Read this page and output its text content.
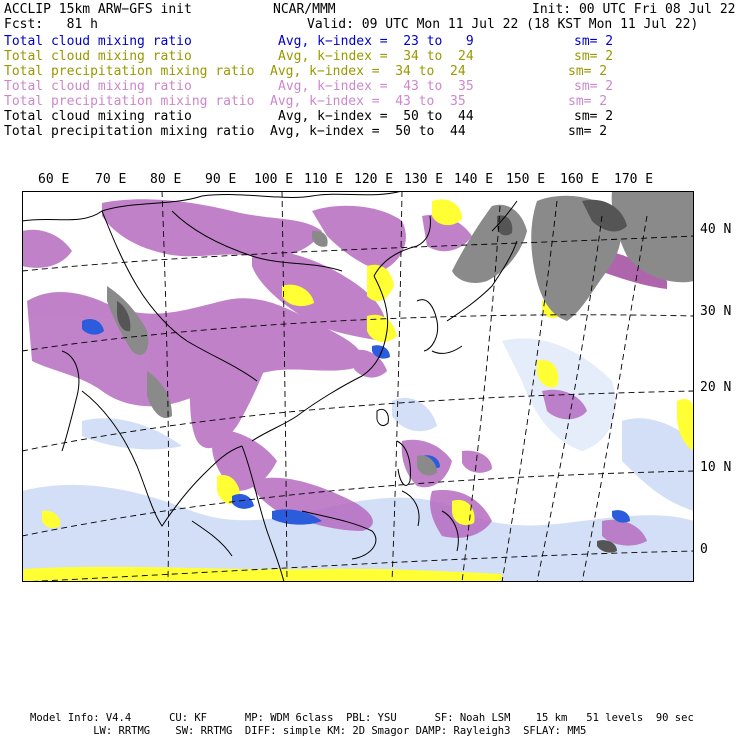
ACCLIP 15km ARW−GFS init	NCAR/MMM	Init: 00 UTC Fri 08 Jul 22
Fcst:   81 h	Valid: 09 UTC Mon 11 Jul 22 (18 KST Mon 11 Jul 22)
Total cloud mixing ratio	Avg, k−index =  23 to   9	sm= 2
Total cloud mixing ratio	Avg, k−index =  34 to  24	sm= 2
Total precipitation mixing ratio Avg, k−index =  34 to  24	sm= 2
Total cloud mixing ratio	Avg, k−index =  43 to  35	sm= 2
Total precipitation mixing ratio Avg, k−index =  43 to  35	sm= 2
Total cloud mixing ratio	Avg, k−index =  50 to  44	sm= 2
Total precipitation mixing ratio Avg, k−index =  50 to  44	sm= 2
60 E 70 E 80 E 90 E 100 E 110 E 120 E 130 E 140 E 150 E 160 E 170 E
40 N
30 N
20 N
10 N
0
Model Info: V4.4      CU: KF      MP: WDM 6class  PBL: YSU      SF: Noah LSM    15 km   51 levels  90 sec
LW: RRTMG    SW: RRTMG  DIFF: simple KM: 2D Smagor DAMP: Rayleigh3  SFLAY: MM5
